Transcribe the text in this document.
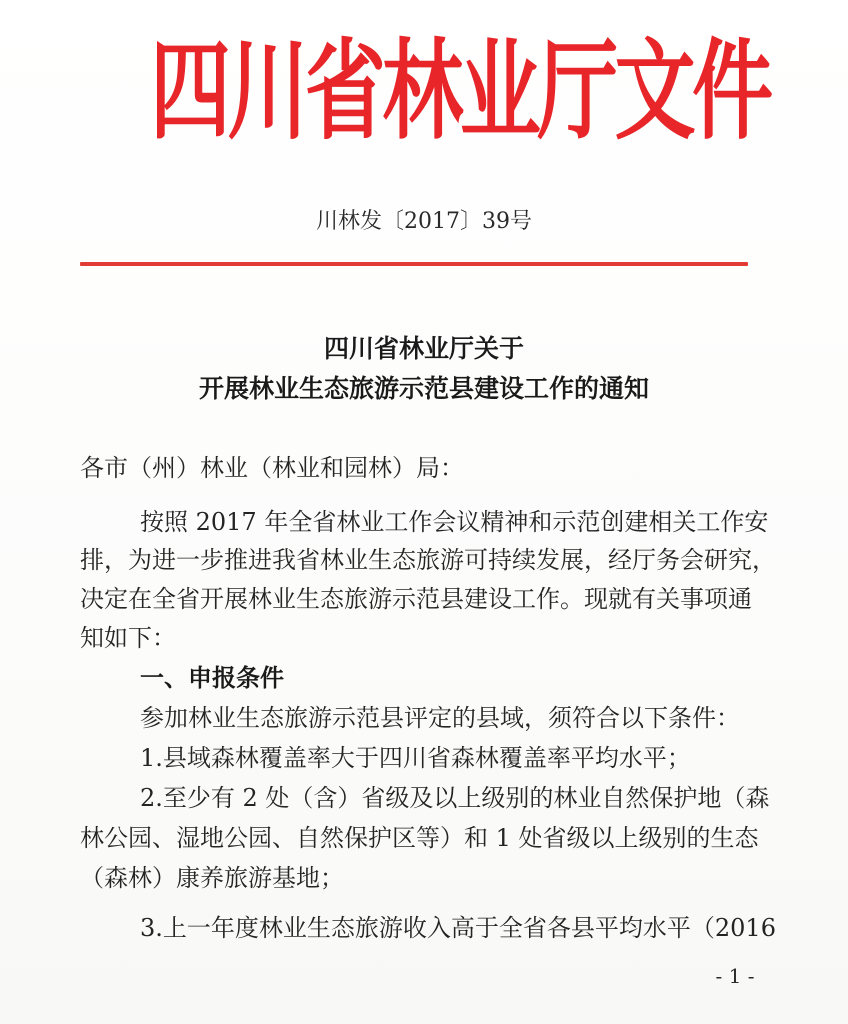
四川省林业厅文件
川林发〔2017〕39号
四川省林业厅关于
开展林业生态旅游示范县建设工作的通知
各市（州）林业（林业和园林）局：
按照 2017 年全省林业工作会议精神和示范创建相关工作安
排，为进一步推进我省林业生态旅游可持续发展，经厅务会研究，
决定在全省开展林业生态旅游示范县建设工作。现就有关事项通
知如下：
一、申报条件
参加林业生态旅游示范县评定的县域，须符合以下条件：
1.县域森林覆盖率大于四川省森林覆盖率平均水平；
2.至少有 2 处（含）省级及以上级别的林业自然保护地（森
林公园、湿地公园、自然保护区等）和 1 处省级以上级别的生态
（森林）康养旅游基地；
3.上一年度林业生态旅游收入高于全省各县平均水平（2016
- 1 -
